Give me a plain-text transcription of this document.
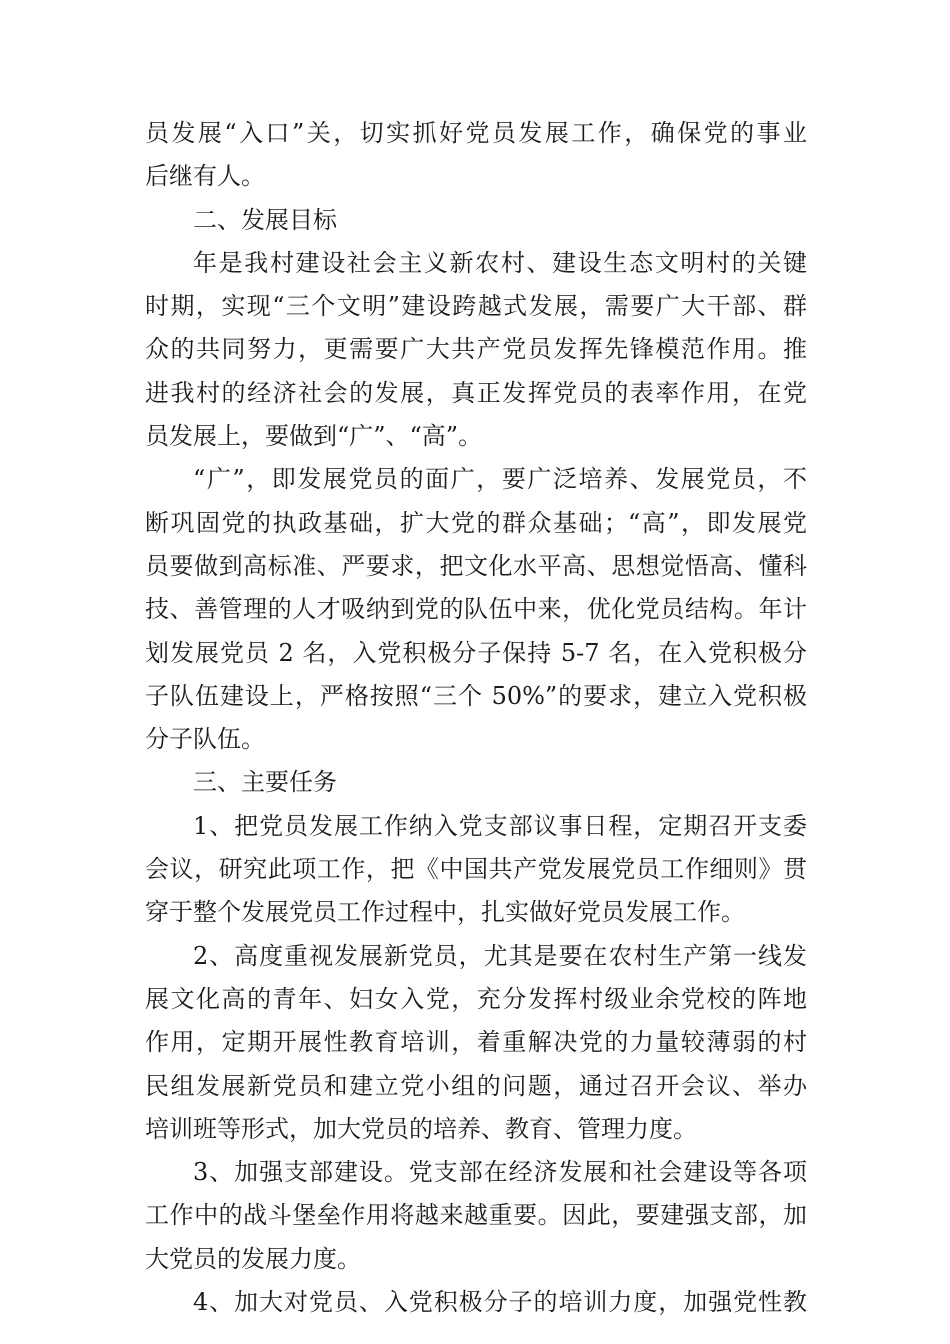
员发展“入口”关，切实抓好党员发展工作，确保党的事业
后继有人。
二、发展目标
年是我村建设社会主义新农村、建设生态文明村的关键
时期，实现“三个文明”建设跨越式发展，需要广大干部、群
众的共同努力，更需要广大共产党员发挥先锋模范作用。推
进我村的经济社会的发展，真正发挥党员的表率作用，在党
员发展上，要做到“广”、“高”。
“广”，即发展党员的面广，要广泛培养、发展党员，不
断巩固党的执政基础，扩大党的群众基础；“高”，即发展党
员要做到高标准、严要求，把文化水平高、思想觉悟高、懂科
技、善管理的人才吸纳到党的队伍中来，优化党员结构。年计
划发展党员 2 名，入党积极分子保持 5-7 名，在入党积极分
子队伍建设上，严格按照“三个 50%”的要求，建立入党积极
分子队伍。
三、主要任务
1、把党员发展工作纳入党支部议事日程，定期召开支委
会议，研究此项工作，把《中国共产党发展党员工作细则》贯
穿于整个发展党员工作过程中，扎实做好党员发展工作。
2、高度重视发展新党员，尤其是要在农村生产第一线发
展文化高的青年、妇女入党，充分发挥村级业余党校的阵地
作用，定期开展性教育培训，着重解决党的力量较薄弱的村
民组发展新党员和建立党小组的问题，通过召开会议、举办
培训班等形式，加大党员的培养、教育、管理力度。
3、加强支部建设。党支部在经济发展和社会建设等各项
工作中的战斗堡垒作用将越来越重要。因此，要建强支部，加
大党员的发展力度。
4、加大对党员、入党积极分子的培训力度，加强党性教
